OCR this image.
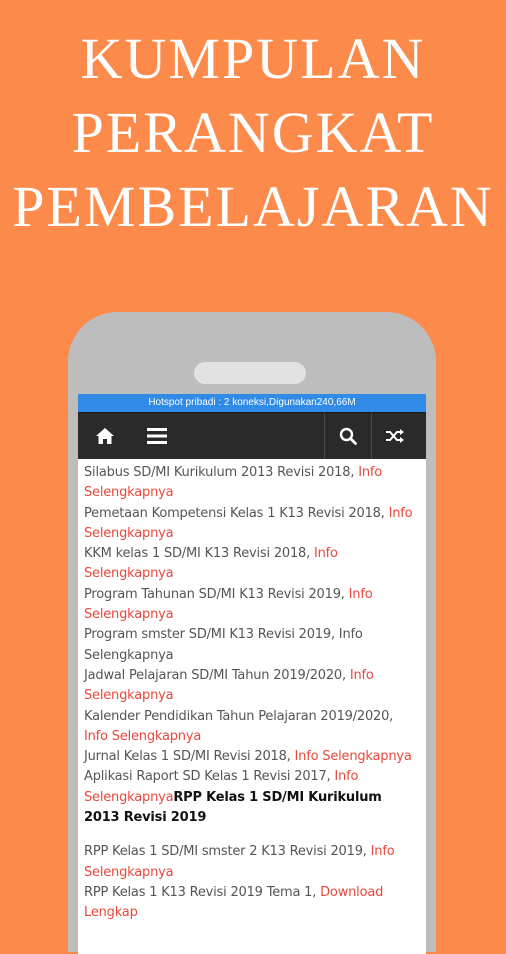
KUMPULAN
PERANGKAT
PEMBELAJARAN
Hotspot pribadi : 2 koneksi,Digunakan240,66M

Silabus SD/MI Kurikulum 2013 Revisi 2018, Info Selengkapnya

Pemetaan Kompetensi Kelas 1 K13 Revisi 2018, Info Selengkapnya

KKM kelas 1 SD/MI K13 Revisi 2018, Info Selengkapnya

Program Tahunan SD/MI K13 Revisi 2019, Info Selengkapnya

Program smster SD/MI K13 Revisi 2019, Info Selengkapnya

Jadwal Pelajaran SD/MI Tahun 2019/2020, Info Selengkapnya

Kalender Pendidikan Tahun Pelajaran 2019/2020, Info Selengkapnya

Jurnal Kelas 1 SD/MI Revisi 2018, Info Selengkapnya

Aplikasi Raport SD Kelas 1 Revisi 2017, Info SelengkapnyaRPP Kelas 1 SD/MI Kurikulum 2013 Revisi 2019

RPP Kelas 1 SD/MI smster 2 K13 Revisi 2019, Info Selengkapnya

RPP Kelas 1 K13 Revisi 2019 Tema 1, Download Lengkap
